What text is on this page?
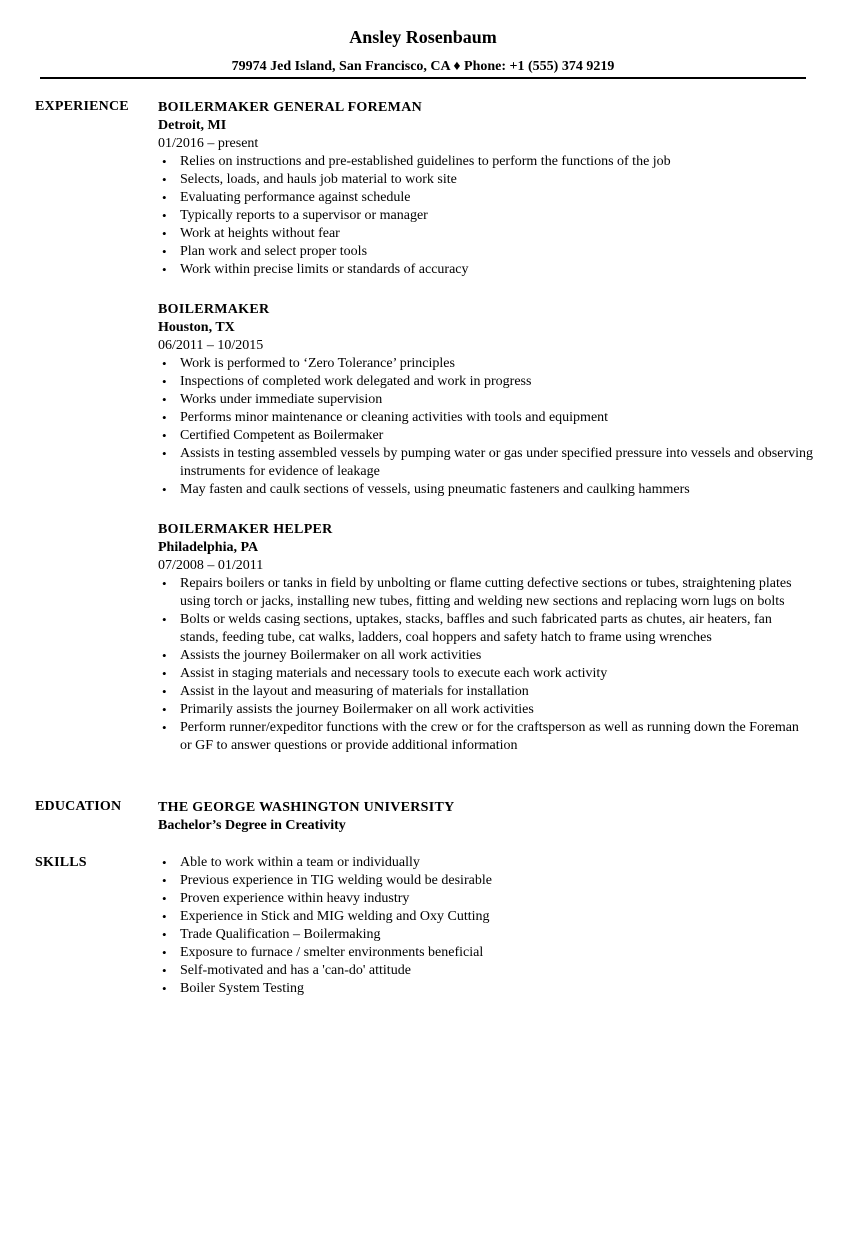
Ansley Rosenbaum
79974 Jed Island, San Francisco, CA ♦ Phone: +1 (555) 374 9219
EXPERIENCE BOILERMAKER GENERAL FOREMAN
Detroit, MI
01/2016 – present
• Relies on instructions and pre-established guidelines to perform the functions of the job
• Selects, loads, and hauls job material to work site
• Evaluating performance against schedule
• Typically reports to a supervisor or manager
• Work at heights without fear
• Plan work and select proper tools
• Work within precise limits or standards of accuracy
BOILERMAKER
Houston, TX
06/2011 – 10/2015
• Work is performed to ‘Zero Tolerance’ principles
• Inspections of completed work delegated and work in progress
• Works under immediate supervision
• Performs minor maintenance or cleaning activities with tools and equipment
• Certified Competent as Boilermaker
• Assists in testing assembled vessels by pumping water or gas under specified pressure into vessels and observing instruments for evidence of leakage
• May fasten and caulk sections of vessels, using pneumatic fasteners and caulking hammers
BOILERMAKER HELPER
Philadelphia, PA
07/2008 – 01/2011
• Repairs boilers or tanks in field by unbolting or flame cutting defective sections or tubes, straightening plates using torch or jacks, installing new tubes, fitting and welding new sections and replacing worn lugs on bolts
• Bolts or welds casing sections, uptakes, stacks, baffles and such fabricated parts as chutes, air heaters, fan stands, feeding tube, cat walks, ladders, coal hoppers and safety hatch to frame using wrenches
• Assists the journey Boilermaker on all work activities
• Assist in staging materials and necessary tools to execute each work activity
• Assist in the layout and measuring of materials for installation
• Primarily assists the journey Boilermaker on all work activities
• Perform runner/expeditor functions with the crew or for the craftsperson as well as running down the Foreman or GF to answer questions or provide additional information
EDUCATION	THE GEORGE WASHINGTON UNIVERSITY
Bachelor’s Degree in Creativity
SKILLS
•	Able to work within a team or individually
• Previous experience in TIG welding would be desirable
• Proven experience within heavy industry
• Experience in Stick and MIG welding and Oxy Cutting
• Trade Qualification – Boilermaking
• Exposure to furnace / smelter environments beneficial
• Self-motivated and has a 'can-do' attitude
• Boiler System Testing
